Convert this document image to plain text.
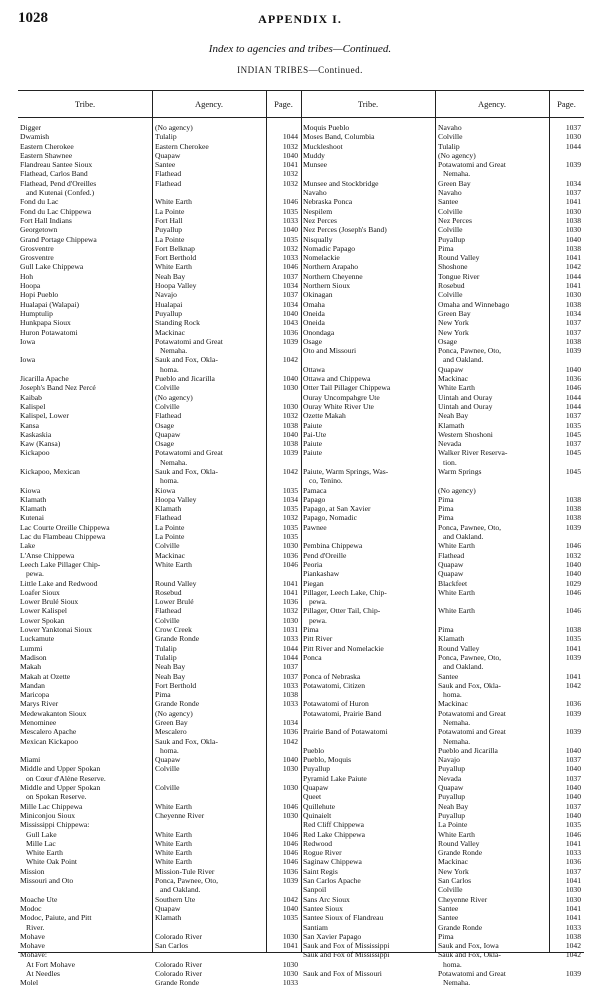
1028	APPENDIX I.
Index to agencies and tribes—Continued.
INDIAN TRIBES—Continued.
Tribe.	Agency.	Page.	Tribe.	Agency.	Page.
Digger	(No agency)
Dwamish	Tulalip	1044
Eastern Cherokee	Eastern Cherokee	1032
Eastern Shawnee	Quapaw	1040
Flandreau Santee Sioux	Santee	1041
Flathead, Carlos Band	Flathead	1032
Flathead, Pend d'Oreilles	Flathead	1032
and Kutenai (Confed.)
Fond du Lac	White Earth	1046
Fond du Lac Chippewa	La Pointe	1035
Fort Hall Indians	Fort Hall	1033
Georgetown	Puyallup	1040
Grand Portage Chippewa	La Pointe	1035
Grosventre	Fort Belknap	1032
Grosventre	Fort Berthold	1033
Gull Lake Chippewa	White Earth	1046
Hoh	Neah Bay	1037
Hoopa	Hoopa Valley	1034
Hopi Pueblo	Navajo	1037
Hualapai (Walapai)	Hualapai	1034
Humptulip	Puyallup	1040
Hunkpapa Sioux	Standing Rock	1043
Huron Potawatomi	Mackinac	1036
Iowa	Potawatomi and Great	1039
Nemaha.
Iowa	Sauk and Fox, Okla-	1042
homa.
Jicarilla Apache	Pueblo and Jicarilla	1040
Joseph's Band Nez Percé	Colville	1030
Kaibab	(No agency)
Kalispel	Colville	1030
Kalispel, Lower	Flathead	1032
Kansa	Osage	1038
Kaskaskia	Quapaw	1040
Kaw (Kansa)	Osage	1038
Kickapoo	Potawatomi and Great	1039
Nemaha.
Kickapoo, Mexican	Sauk and Fox, Okla-	1042
homa.
Kiowa	Kiowa	1035
Klamath	Hoopa Valley	1034
Klamath	Klamath	1035
Kutenai	Flathead	1032
Lac Courte Oreille Chippewa	La Pointe	1035
Lac du Flambeau Chippewa	La Pointe	1035
Lake	Colville	1030
L'Anse Chippewa	Mackinac	1036
Leech Lake Pillager Chip-	White Earth	1046
pewa.
Little Lake and Redwood	Round Valley	1041
Loafer Sioux	Rosebud	1041
Lower Brulé Sioux	Lower Brulé	1036
Lower Kalispel	Flathead	1032
Lower Spokan	Colville	1030
Lower Yanktonai Sioux	Crow Creek	1031
Luckamute	Grande Ronde	1033
Lummi	Tulalip	1044
Madison	Tulalip	1044
Makah	Neah Bay	1037
Makah at Ozette	Neah Bay	1037
Mandan	Fort Berthold	1033
Maricopa	Pima	1038
Marys River	Grande Ronde	1033
Medewakanton Sioux	(No agency)
Menominee	Green Bay	1034
Mescalero Apache	Mescalero	1036
Mexican Kickapoo	Sauk and Fox, Okla-	1042
homa.
Miami	Quapaw	1040
Middle and Upper Spokan	Colville	1030
on Cœur d'Alène Reserve.
Middle and Upper Spokan	Colville	1030
on Spokan Reserve.
Mille Lac Chippewa	White Earth	1046
Miniconjou Sioux	Cheyenne River	1030
Mississippi Chippewa:
Gull Lake	White Earth	1046
Mille Lac	White Earth	1046
White Earth	White Earth	1046
White Oak Point	White Earth	1046
Mission	Mission-Tule River	1036
Missouri and Oto	Ponca, Pawnee, Oto,	1039
and Oakland.
Moache Ute	Southern Ute	1042
Modoc	Quapaw	1040
Modoc, Paiute, and Pitt	Klamath	1035
River.
Mohave	Colorado River	1030
Mohave	San Carlos	1041
Mohave:
At Fort Mohave	Colorado River	1030
At Needles	Colorado River	1030
Molel	Grande Ronde	1033
Moquis Pueblo	Navaho	1037
Moses Band, Columbia	Colville	1030
Muckleshoot	Tulalip	1044
Muddy	(No agency)
Munsee	Potawatomi and Great	1039
Nemaha.
Munsee and Stockbridge	Green Bay	1034
Navaho	Navaho	1037
Nebraska Ponca	Santee	1041
Nespilem	Colville	1030
Nez Perces	Nez Perces	1038
Nez Perces (Joseph's Band)	Colville	1030
Nisqually	Puyallup	1040
Nomadic Papago	Pima	1038
Nomelackie	Round Valley	1041
Northern Arapaho	Shoshone	1042
Northern Cheyenne	Tongue River	1044
Northern Sioux	Rosebud	1041
Okinagan	Colville	1030
Omaha	Omaha and Winnebago	1038
Oneida	Green Bay	1034
Oneida	New York	1037
Onondaga	New York	1037
Osage	Osage	1038
Oto and Missouri	Ponca, Pawnee, Oto,	1039
and Oakland.
Ottawa	Quapaw	1040
Ottawa and Chippewa	Mackinac	1036
Otter Tail Pillager Chippewa	White Earth	1046
Ouray Uncompahgre Ute	Uintah and Ouray	1044
Ouray White River Ute	Uintah and Ouray	1044
Ozette Makah	Neah Bay	1037
Paiute	Klamath	1035
Pai-Ute	Western Shoshoni	1045
Paiute	Nevada	1037
Paiute	Walker River Reserva-	1045
tion.
Paiute, Warm Springs, Was-	Warm Springs	1045
co, Tenino.
Pamaca	(No agency)
Papago	Pima	1038
Papago, at San Xavier	Pima	1038
Papago, Nomadic	Pima	1038
Pawnee	Ponca, Pawnee, Oto,	1039
and Oakland.
Pembina Chippewa	White Earth	1046
Pend d'Oreille	Flathead	1032
Peoria	Quapaw	1040
Piankashaw	Quapaw	1040
Piegan	Blackfeet	1029
Pillager, Leech Lake, Chip-	White Earth	1046
pewa.
Pillager, Otter Tail, Chip-	White Earth	1046
pewa.
Pima	Pima	1038
Pitt River	Klamath	1035
Pitt River and Nomelackie	Round Valley	1041
Ponca	Ponca, Pawnee, Oto,	1039
and Oakland.
Ponca of Nebraska	Santee	1041
Potawatomi, Citizen	Sauk and Fox, Okla-	1042
homa.
Potawatomi of Huron	Mackinac	1036
Potawatomi, Prairie Band	Potawatomi and Great	1039
Nemaha.
Prairie Band of Potawatomi	Potawatomi and Great	1039
Nemaha.
Pueblo	Pueblo and Jicarilla	1040
Pueblo, Moquis	Navajo	1037
Puyallup	Puyallup	1040
Pyramid Lake Paiute	Nevada	1037
Quapaw	Quapaw	1040
Queet	Puyallup	1040
Quillehute	Neah Bay	1037
Quinaielt	Puyallup	1040
Red Cliff Chippewa	La Pointe	1035
Red Lake Chippewa	White Earth	1046
Redwood	Round Valley	1041
Rogue River	Grande Ronde	1033
Saginaw Chippewa	Mackinac	1036
Saint Regis	New York	1037
San Carlos Apache	San Carlos	1041
Sanpoil	Colville	1030
Sans Arc Sioux	Cheyenne River	1030
Santee Sioux	Santee	1041
Santee Sioux of Flandreau	Santee	1041
Santiam	Grande Ronde	1033
San Xavier Papago	Pima	1038
Sauk and Fox of Mississippi	Sauk and Fox, Iowa	1042
Sauk and Fox of Mississippi	Sauk and Fox, Okla-	1042
homa.
Sauk and Fox of Missouri	Potawatomi and Great	1039
Nemaha.
